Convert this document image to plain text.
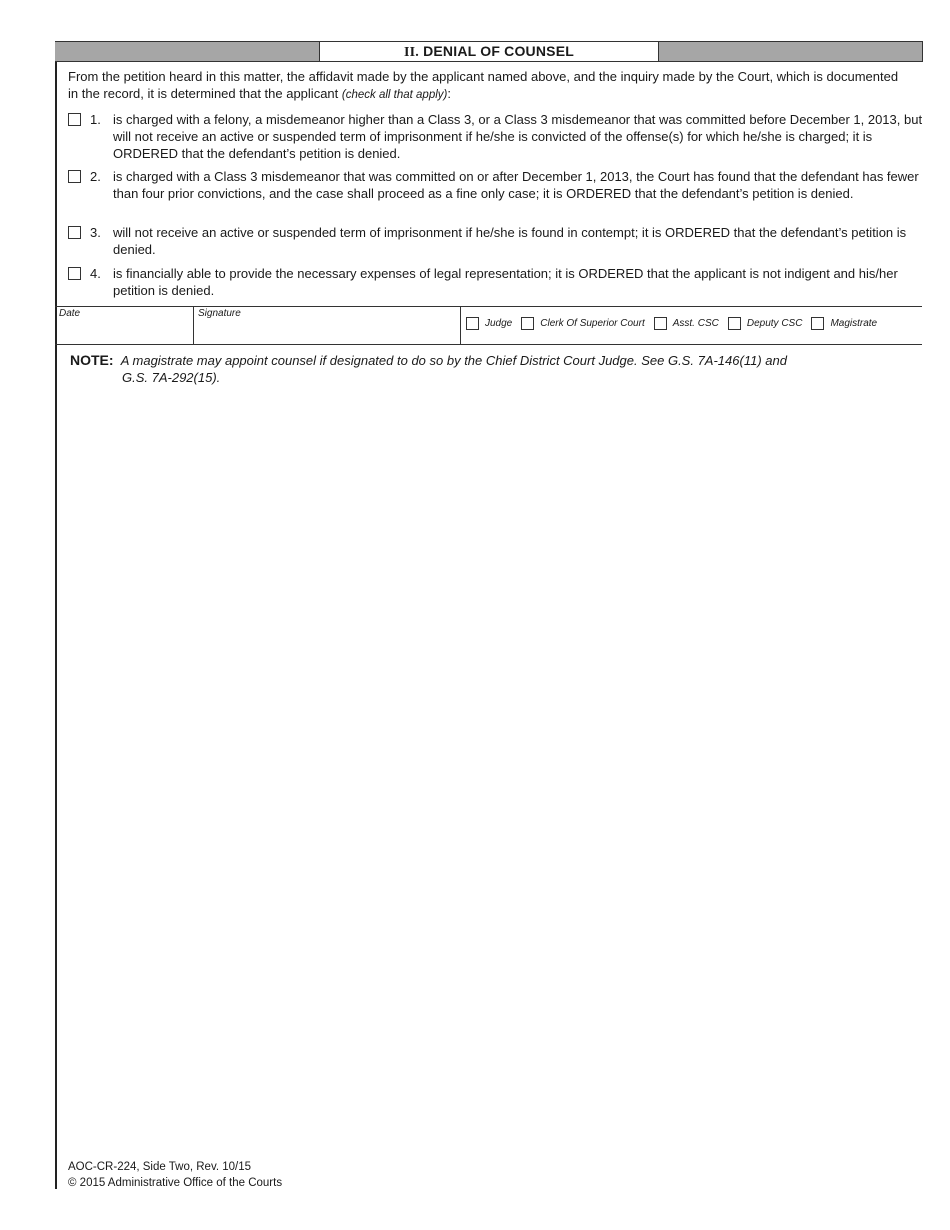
II. DENIAL OF COUNSEL
From the petition heard in this matter, the affidavit made by the applicant named above, and the inquiry made by the Court, which is documented in the record, it is determined that the applicant (check all that apply):
1. is charged with a felony, a misdemeanor higher than a Class 3, or a Class 3 misdemeanor that was committed before December 1, 2013, but will not receive an active or suspended term of imprisonment if he/she is convicted of the offense(s) for which he/she is charged; it is ORDERED that the defendant’s petition is denied.
2. is charged with a Class 3 misdemeanor that was committed on or after December 1, 2013, the Court has found that the defendant has fewer than four prior convictions, and the case shall proceed as a fine only case; it is ORDERED that the defendant’s petition is denied.
3. will not receive an active or suspended term of imprisonment if he/she is found in contempt; it is ORDERED that the defendant’s petition is denied.
4. is financially able to provide the necessary expenses of legal representation; it is ORDERED that the applicant is not indigent and his/her petition is denied.
Date	Signature
Judge	Clerk Of Superior Court	Asst. CSC	Deputy CSC	Magistrate
NOTE: A magistrate may appoint counsel if designated to do so by the Chief District Court Judge. See G.S. 7A-146(11) and
G.S. 7A-292(15).
AOC-CR-224, Side Two, Rev. 10/15
© 2015 Administrative Office of the Courts
